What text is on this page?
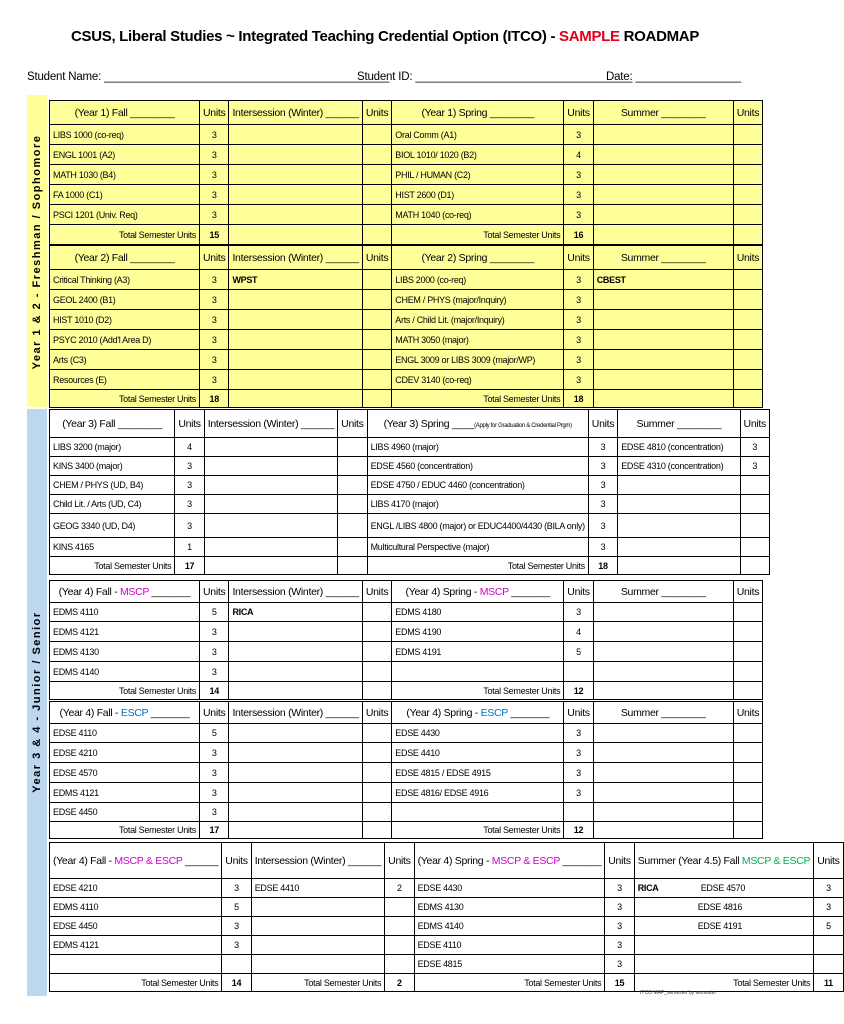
CSUS, Liberal Studies ~ Integrated Teaching Credential Option (ITCO) - SAMPLE ROADMAP
Student Name: ______________________________________________
Student ID: ___________________________________
Date: _________________
Year 1 & 2 - Freshman / Sophomore
Year 3 & 4 - Junior / Senior
(Year 1) Fall ________	Units	Intersession (Winter) ______	Units	(Year 1) Spring ________	Units	Summer ________	Units
LIBS 1000 (co-req)	3			Oral Comm (A1)	3		
ENGL 1001 (A2)	3			BIOL 1010/ 1020 (B2)	4		
MATH 1030 (B4)	3			PHIL / HUMAN (C2)	3		
FA 1000 (C1)	3			HIST 2600 (D1)	3		
PSCI 1201 (Univ. Req)	3			MATH 1040 (co-req)	3		
Total Semester Units	15			Total Semester Units	16		
(Year 2) Fall ________	Units	Intersession (Winter) ______	Units	(Year 2) Spring ________	Units	Summer ________	Units
Critical Thinking (A3)	3	WPST		LIBS 2000 (co-req)	3	CBEST	
GEOL 2400 (B1)	3			CHEM / PHYS (major/Inquiry)	3		
HIST 1010 (D2)	3			Arts / Child Lit. (major/Inquiry)	3		
PSYC 2010 (Add'l Area D)	3			MATH 3050 (major)	3		
Arts (C3)	3			ENGL 3009 or LIBS 3009 (major/WP)	3		
Resources (E)	3			CDEV 3140 (co-req)	3		
Total Semester Units	18			Total Semester Units	18		
(Year 3) Fall ________	Units	Intersession (Winter) ______	Units	(Year 3) Spring ____(Apply for Graduation & Credential Prgm)	Units	Summer ________	Units
LIBS 3200 (major)	4			LIBS 4960 (major)	3	EDSE 4810 (concentration)	3
KINS 3400 (major)	3			EDSE 4560 (concentration)	3	EDSE 4310 (concentration)	3
CHEM / PHYS (UD, B4)	3			EDSE 4750 / EDUC 4460 (concentration)	3		
Child Lit. / Arts (UD, C4)	3			LIBS 4170 (major)	3		
GEOG 3340 (UD, D4)	3			ENGL /LIBS 4800 (major) or EDUC4400/4430 (BILA only)	3		
KINS 4165	1			Multicultural Perspective (major)	3		
Total Semester Units	17			Total Semester Units	18		
(Year 4) Fall - MSCP _______	Units	Intersession (Winter) ______	Units	(Year 4) Spring - MSCP _______	Units	Summer ________	Units
EDMS 4110	5	RICA		EDMS 4180	3		
EDMS 4121	3			EDMS 4190	4		
EDMS 4130	3			EDMS 4191	5		
EDMS 4140	3						
Total Semester Units	14			Total Semester Units	12		
(Year 4) Fall - ESCP _______	Units	Intersession (Winter) ______	Units	(Year 4) Spring - ESCP _______	Units	Summer ________	Units
EDSE 4110	5			EDSE 4430	3		
EDSE 4210	3			EDSE 4410	3		
EDSE 4570	3			EDSE 4815 / EDSE 4915	3		
EDMS 4121	3			EDSE 4816/ EDSE 4916	3		
EDSE 4450	3						
Total Semester Units	17			Total Semester Units	12		
(Year 4) Fall - MSCP & ESCP ______	Units	Intersession (Winter) ______	Units	(Year 4) Spring - MSCP & ESCP _______	Units	Summer (Year 4.5) Fall MSCP & ESCP	Units
EDSE 4210	3	EDSE 4410	2	EDSE 4430	3	RICA EDSE 4570	3
EDMS 4110	5			EDMS 4130	3	EDSE 4816	3
EDSE 4450	3			EDMS 4140	3	EDSE 4191	5
EDMS 4121	3			EDSE 4110	3		
				EDSE 4815	3		
Total Semester Units	14	Total Semester Units	2	Total Semester Units	15	Total Semester Units	11
ITCO MAP_semester by semester
